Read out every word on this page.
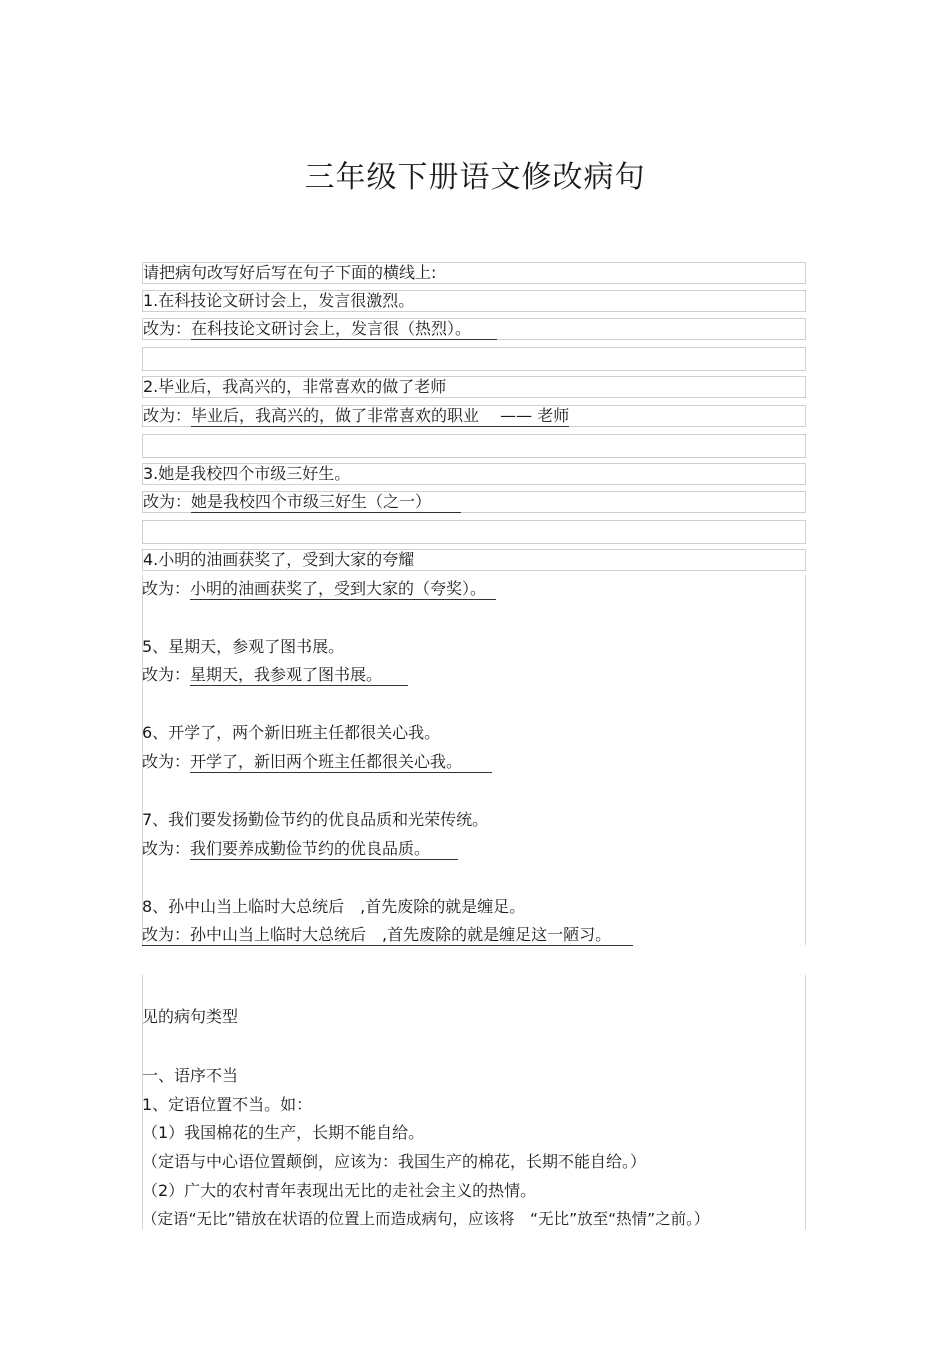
三年级下册语文修改病句
请把病句改写好后写在句子下面的横线上:
1.在科技论文研讨会上，发言很激烈。
改为：在科技论文研讨会上，发言很（热烈）。
2.毕业后，我高兴的，非常喜欢的做了老师
改为：毕业后，我高兴的，做了非常喜欢的职业　 —— 老师
3.她是我校四个市级三好生。
改为：她是我校四个市级三好生（之一）
4.小明的油画获奖了，受到大家的夸耀
改为：小明的油画获奖了，受到大家的（夸奖）。
5、星期天，参观了图书展。
改为：星期天，我参观了图书展。
6、开学了，两个新旧班主任都很关心我。
改为：开学了，新旧两个班主任都很关心我。
7、我们要发扬勤俭节约的优良品质和光荣传统。
改为：我们要养成勤俭节约的优良品质。
8、孙中山当上临时大总统后　,首先废除的就是缠足。
改为：孙中山当上临时大总统后　,首先废除的就是缠足这一陋习。
见的病句类型
一、语序不当
1、定语位置不当。如：
（1）我国棉花的生产，长期不能自给。
（定语与中心语位置颠倒，应该为：我国生产的棉花，长期不能自给。）
（2）广大的农村青年表现出无比的走社会主义的热情。
（定语“无比”错放在状语的位置上而造成病句，应该将　“无比”放至“热情”之前。）
